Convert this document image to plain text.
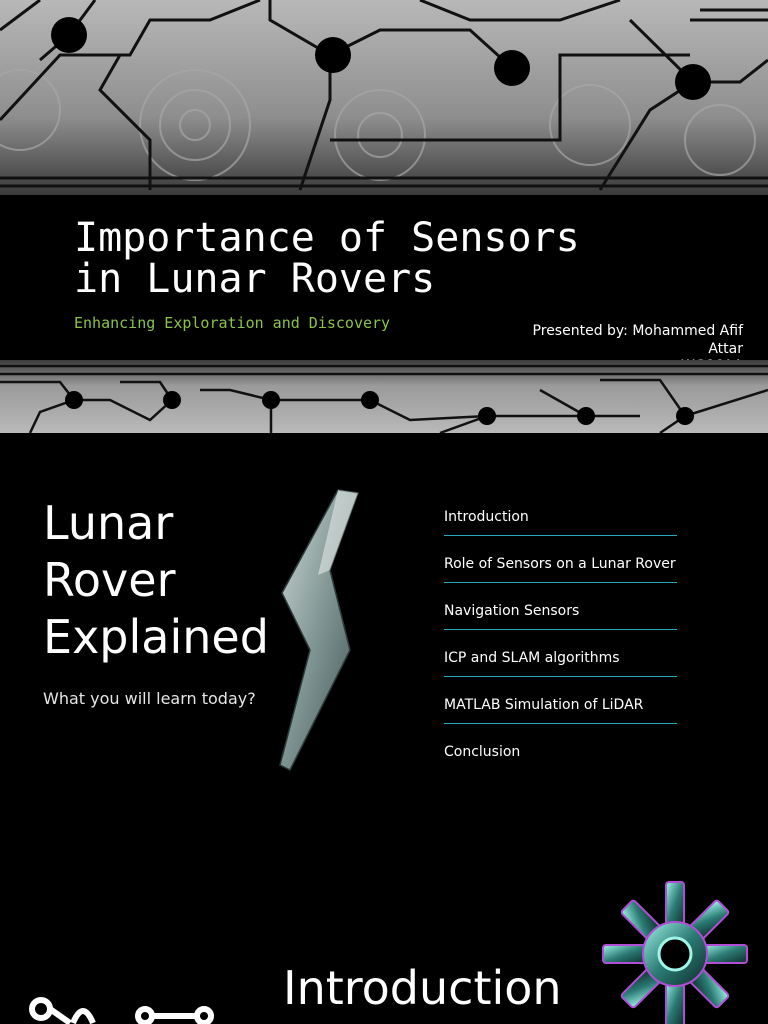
Importance of Sensors
in Lunar Rovers
Enhancing Exploration and Discovery	Presented by: Mohammed Afif
Attar
Lunar Rover Explained
What you will learn today?
Introduction
Role of Sensors on a Lunar Rover
Navigation Sensors
ICP and SLAM algorithms
MATLAB Simulation of LiDAR
Conclusion
Introduction
